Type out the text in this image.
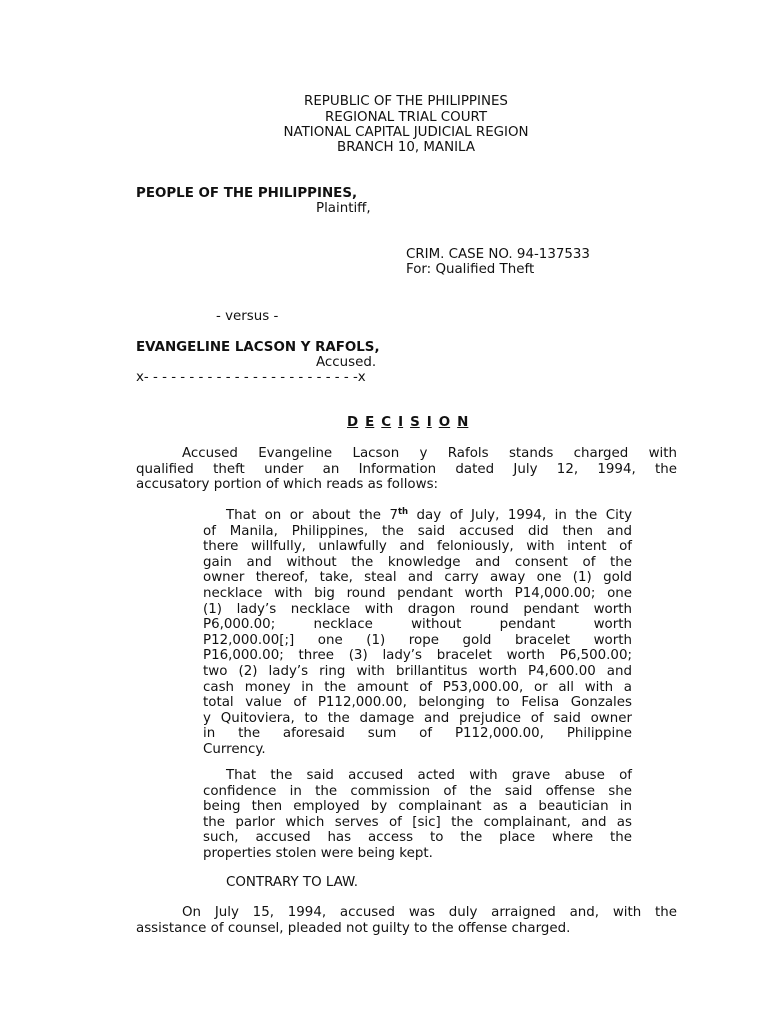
REPUBLIC OF THE PHILIPPINES
REGIONAL TRIAL COURT
NATIONAL CAPITAL JUDICIAL REGION
BRANCH 10, MANILA
PEOPLE OF THE PHILIPPINES,
Plaintiff,
CRIM. CASE NO. 94-137533
For: Qualified Theft
- versus -
EVANGELINE LACSON Y RAFOLS,
Accused.
x- - - - - - - - - - - - - - - - - - - - - - - -x
D E C I S I O N
Accused Evangeline Lacson y Rafols stands charged with
qualified theft under an Information dated July 12, 1994, the
accusatory portion of which reads as follows:
That on or about the 7th day of July, 1994, in the City
of Manila, Philippines, the said accused did then and
there willfully, unlawfully and feloniously, with intent of
gain and without the knowledge and consent of the
owner thereof, take, steal and carry away one (1) gold
necklace with big round pendant worth P14,000.00; one
(1) lady’s necklace with dragon round pendant worth
P6,000.00; necklace without pendant worth
P12,000.00[;] one (1) rope gold bracelet worth
P16,000.00; three (3) lady’s bracelet worth P6,500.00;
two (2) lady’s ring with brillantitus worth P4,600.00 and
cash money in the amount of P53,000.00, or all with a
total value of P112,000.00, belonging to Felisa Gonzales
y Quitoviera, to the damage and prejudice of said owner
in the aforesaid sum of P112,000.00, Philippine
Currency.
That the said accused acted with grave abuse of
confidence in the commission of the said offense she
being then employed by complainant as a beautician in
the parlor which serves of [sic] the complainant, and as
such, accused has access to the place where the
properties stolen were being kept.
CONTRARY TO LAW.
On July 15, 1994, accused was duly arraigned and, with the
assistance of counsel, pleaded not guilty to the offense charged.
